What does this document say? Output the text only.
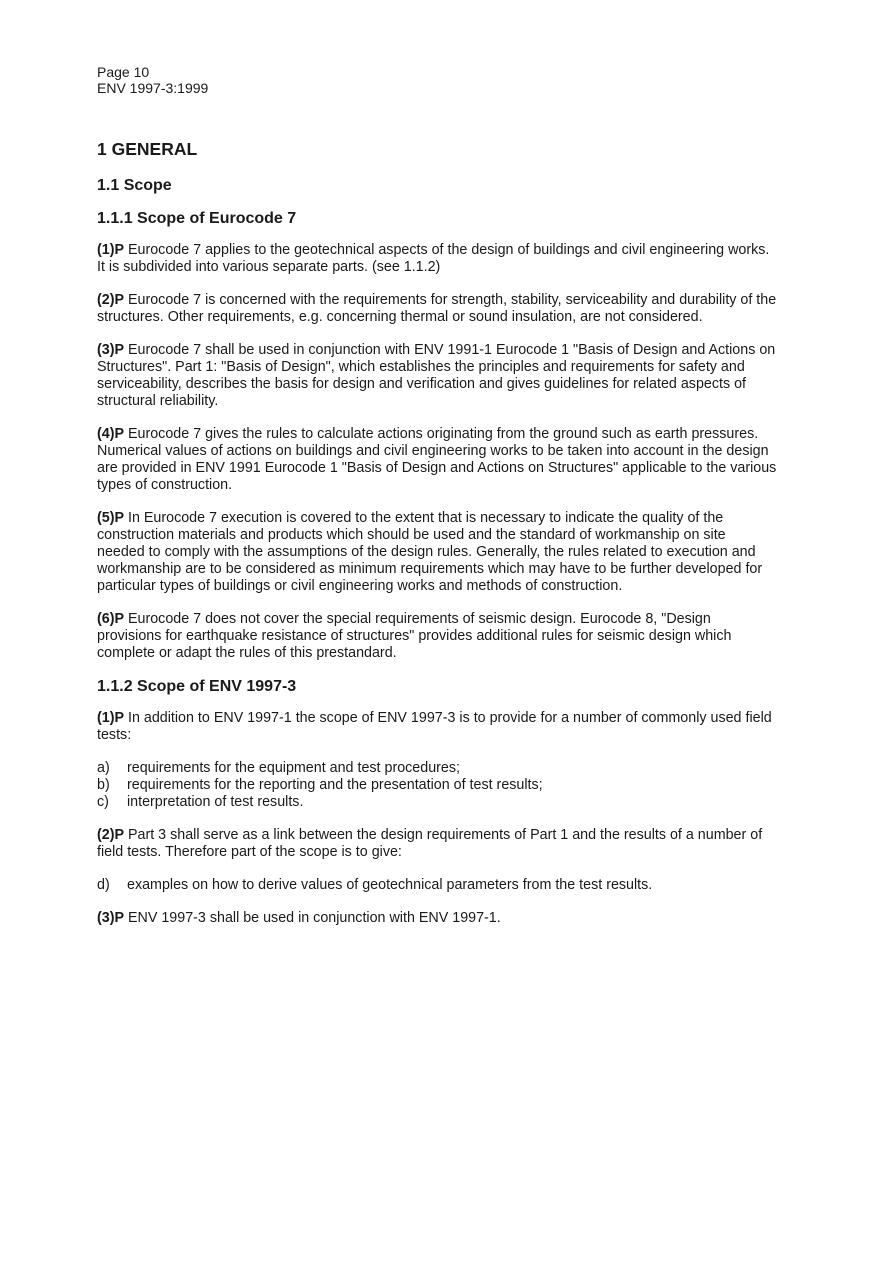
Page 10
ENV 1997-3:1999
1 GENERAL
1.1 Scope
1.1.1 Scope of Eurocode 7
(1)P Eurocode 7 applies to the geotechnical aspects of the design of buildings and civil engineering works. It is subdivided into various separate parts. (see 1.1.2)
(2)P Eurocode 7 is concerned with the requirements for strength, stability, serviceability and durability of the structures. Other requirements, e.g. concerning thermal or sound insulation, are not considered.
(3)P Eurocode 7 shall be used in conjunction with ENV 1991-1 Eurocode 1 "Basis of Design and Actions on Structures". Part 1: "Basis of Design", which establishes the principles and requirements for safety and serviceability, describes the basis for design and verification and gives guidelines for related aspects of structural reliability.
(4)P Eurocode 7 gives the rules to calculate actions originating from the ground such as earth pressures. Numerical values of actions on buildings and civil engineering works to be taken into account in the design are provided in ENV 1991 Eurocode 1 "Basis of Design and Actions on Structures" applicable to the various types of construction.
(5)P In Eurocode 7 execution is covered to the extent that is necessary to indicate the quality of the construction materials and products which should be used and the standard of workmanship on site needed to comply with the assumptions of the design rules. Generally, the rules related to execution and workmanship are to be considered as minimum requirements which may have to be further developed for particular types of buildings or civil engineering works and methods of construction.
(6)P Eurocode 7 does not cover the special requirements of seismic design. Eurocode 8, "Design provisions for earthquake resistance of structures" provides additional rules for seismic design which complete or adapt the rules of this prestandard.
1.1.2 Scope of ENV 1997-3
(1)P In addition to ENV 1997-1 the scope of ENV 1997-3 is to provide for a number of commonly used field tests:
a)	requirements for the equipment and test procedures;
b)	requirements for the reporting and the presentation of test results;
c)	interpretation of test results.
(2)P Part 3 shall serve as a link between the design requirements of Part 1 and the results of a number of field tests. Therefore part of the scope is to give:
d)	examples on how to derive values of geotechnical parameters from the test results.
(3)P ENV 1997-3 shall be used in conjunction with ENV 1997-1.
